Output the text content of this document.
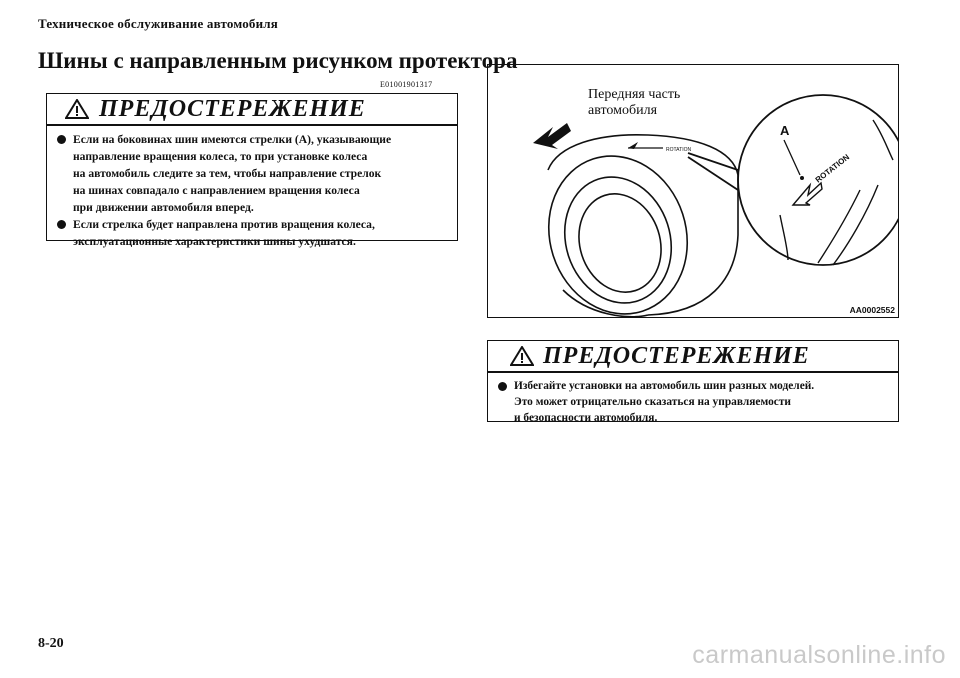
Техническое обслуживание автомобиля
Шины с направленным рисунком протектора
E01001901317
ПРЕДОСТЕРЕЖЕНИЕ
Если на боковинах шин имеются стрелки (A), указывающие
направление вращения колеса, то при установке колеса
на автомобиль следите за тем, чтобы направление стрелок
на шинах совпадало с направлением вращения колеса
при движении автомобиля вперед.
Если стрелка будет направлена против вращения колеса,
эксплуатационные характеристики шины ухудшатся.
ROTATION
A
ROTATION
Передняя часть
автомобиля
AA0002552
ПРЕДОСТЕРЕЖЕНИЕ
Избегайте установки на автомобиль шин разных моделей.
Это может отрицательно сказаться на управляемости
и безопасности автомобиля.
8-20	carmanualsonline.info
